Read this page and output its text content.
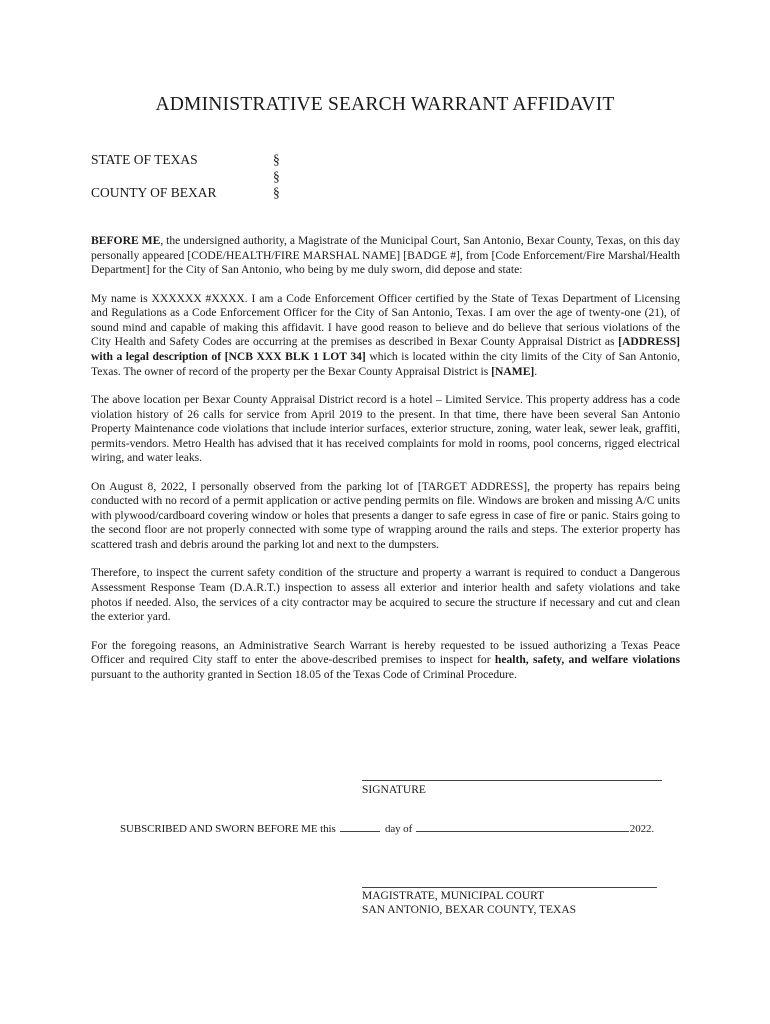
ADMINISTRATIVE SEARCH WARRANT AFFIDAVIT
STATE OF TEXAS	§
§
COUNTY OF BEXAR	§

BEFORE ME, the undersigned authority, a Magistrate of the Municipal Court, San Antonio, Bexar County, Texas, on this day personally appeared [CODE/HEALTH/FIRE MARSHAL NAME] [BADGE #], from [Code Enforcement/Fire Marshal/Health Department] for the City of San Antonio, who being by me duly sworn, did depose and state:

My name is XXXXXX #XXXX. I am a Code Enforcement Officer certified by the State of Texas Department of Licensing and Regulations as a Code Enforcement Officer for the City of San Antonio, Texas. I am over the age of twenty-one (21), of sound mind and capable of making this affidavit. I have good reason to believe and do believe that serious violations of the City Health and Safety Codes are occurring at the premises as described in Bexar County Appraisal District as [ADDRESS] with a legal description of [NCB XXX BLK 1 LOT 34] which is located within the city limits of the City of San Antonio, Texas. The owner of record of the property per the Bexar County Appraisal District is [NAME].

The above location per Bexar County Appraisal District record is a hotel – Limited Service. This property address has a code violation history of 26 calls for service from April 2019 to the present. In that time, there have been several San Antonio Property Maintenance code violations that include interior surfaces, exterior structure, zoning, water leak, sewer leak, graffiti, permits-vendors. Metro Health has advised that it has received complaints for mold in rooms, pool concerns, rigged electrical wiring, and water leaks.

On August 8, 2022, I personally observed from the parking lot of [TARGET ADDRESS], the property has repairs being conducted with no record of a permit application or active pending permits on file. Windows are broken and missing A/C units with plywood/cardboard covering window or holes that presents a danger to safe egress in case of fire or panic. Stairs going to the second floor are not properly connected with some type of wrapping around the rails and steps. The exterior property has scattered trash and debris around the parking lot and next to the dumpsters.

Therefore, to inspect the current safety condition of the structure and property a warrant is required to conduct a Dangerous Assessment Response Team (D.A.R.T.) inspection to assess all exterior and interior health and safety violations and take photos if needed. Also, the services of a city contractor may be acquired to secure the structure if necessary and cut and clean the exterior yard.

For the foregoing reasons, an Administrative Search Warrant is hereby requested to be issued authorizing a Texas Peace Officer and required City staff to enter the above-described premises to inspect for health, safety, and welfare violations pursuant to the authority granted in Section 18.05 of the Texas Code of Criminal Procedure.

SIGNATURE
SUBSCRIBED AND SWORN BEFORE ME this	day of	2022.
MAGISTRATE, MUNICIPAL COURT
SAN ANTONIO, BEXAR COUNTY, TEXAS
